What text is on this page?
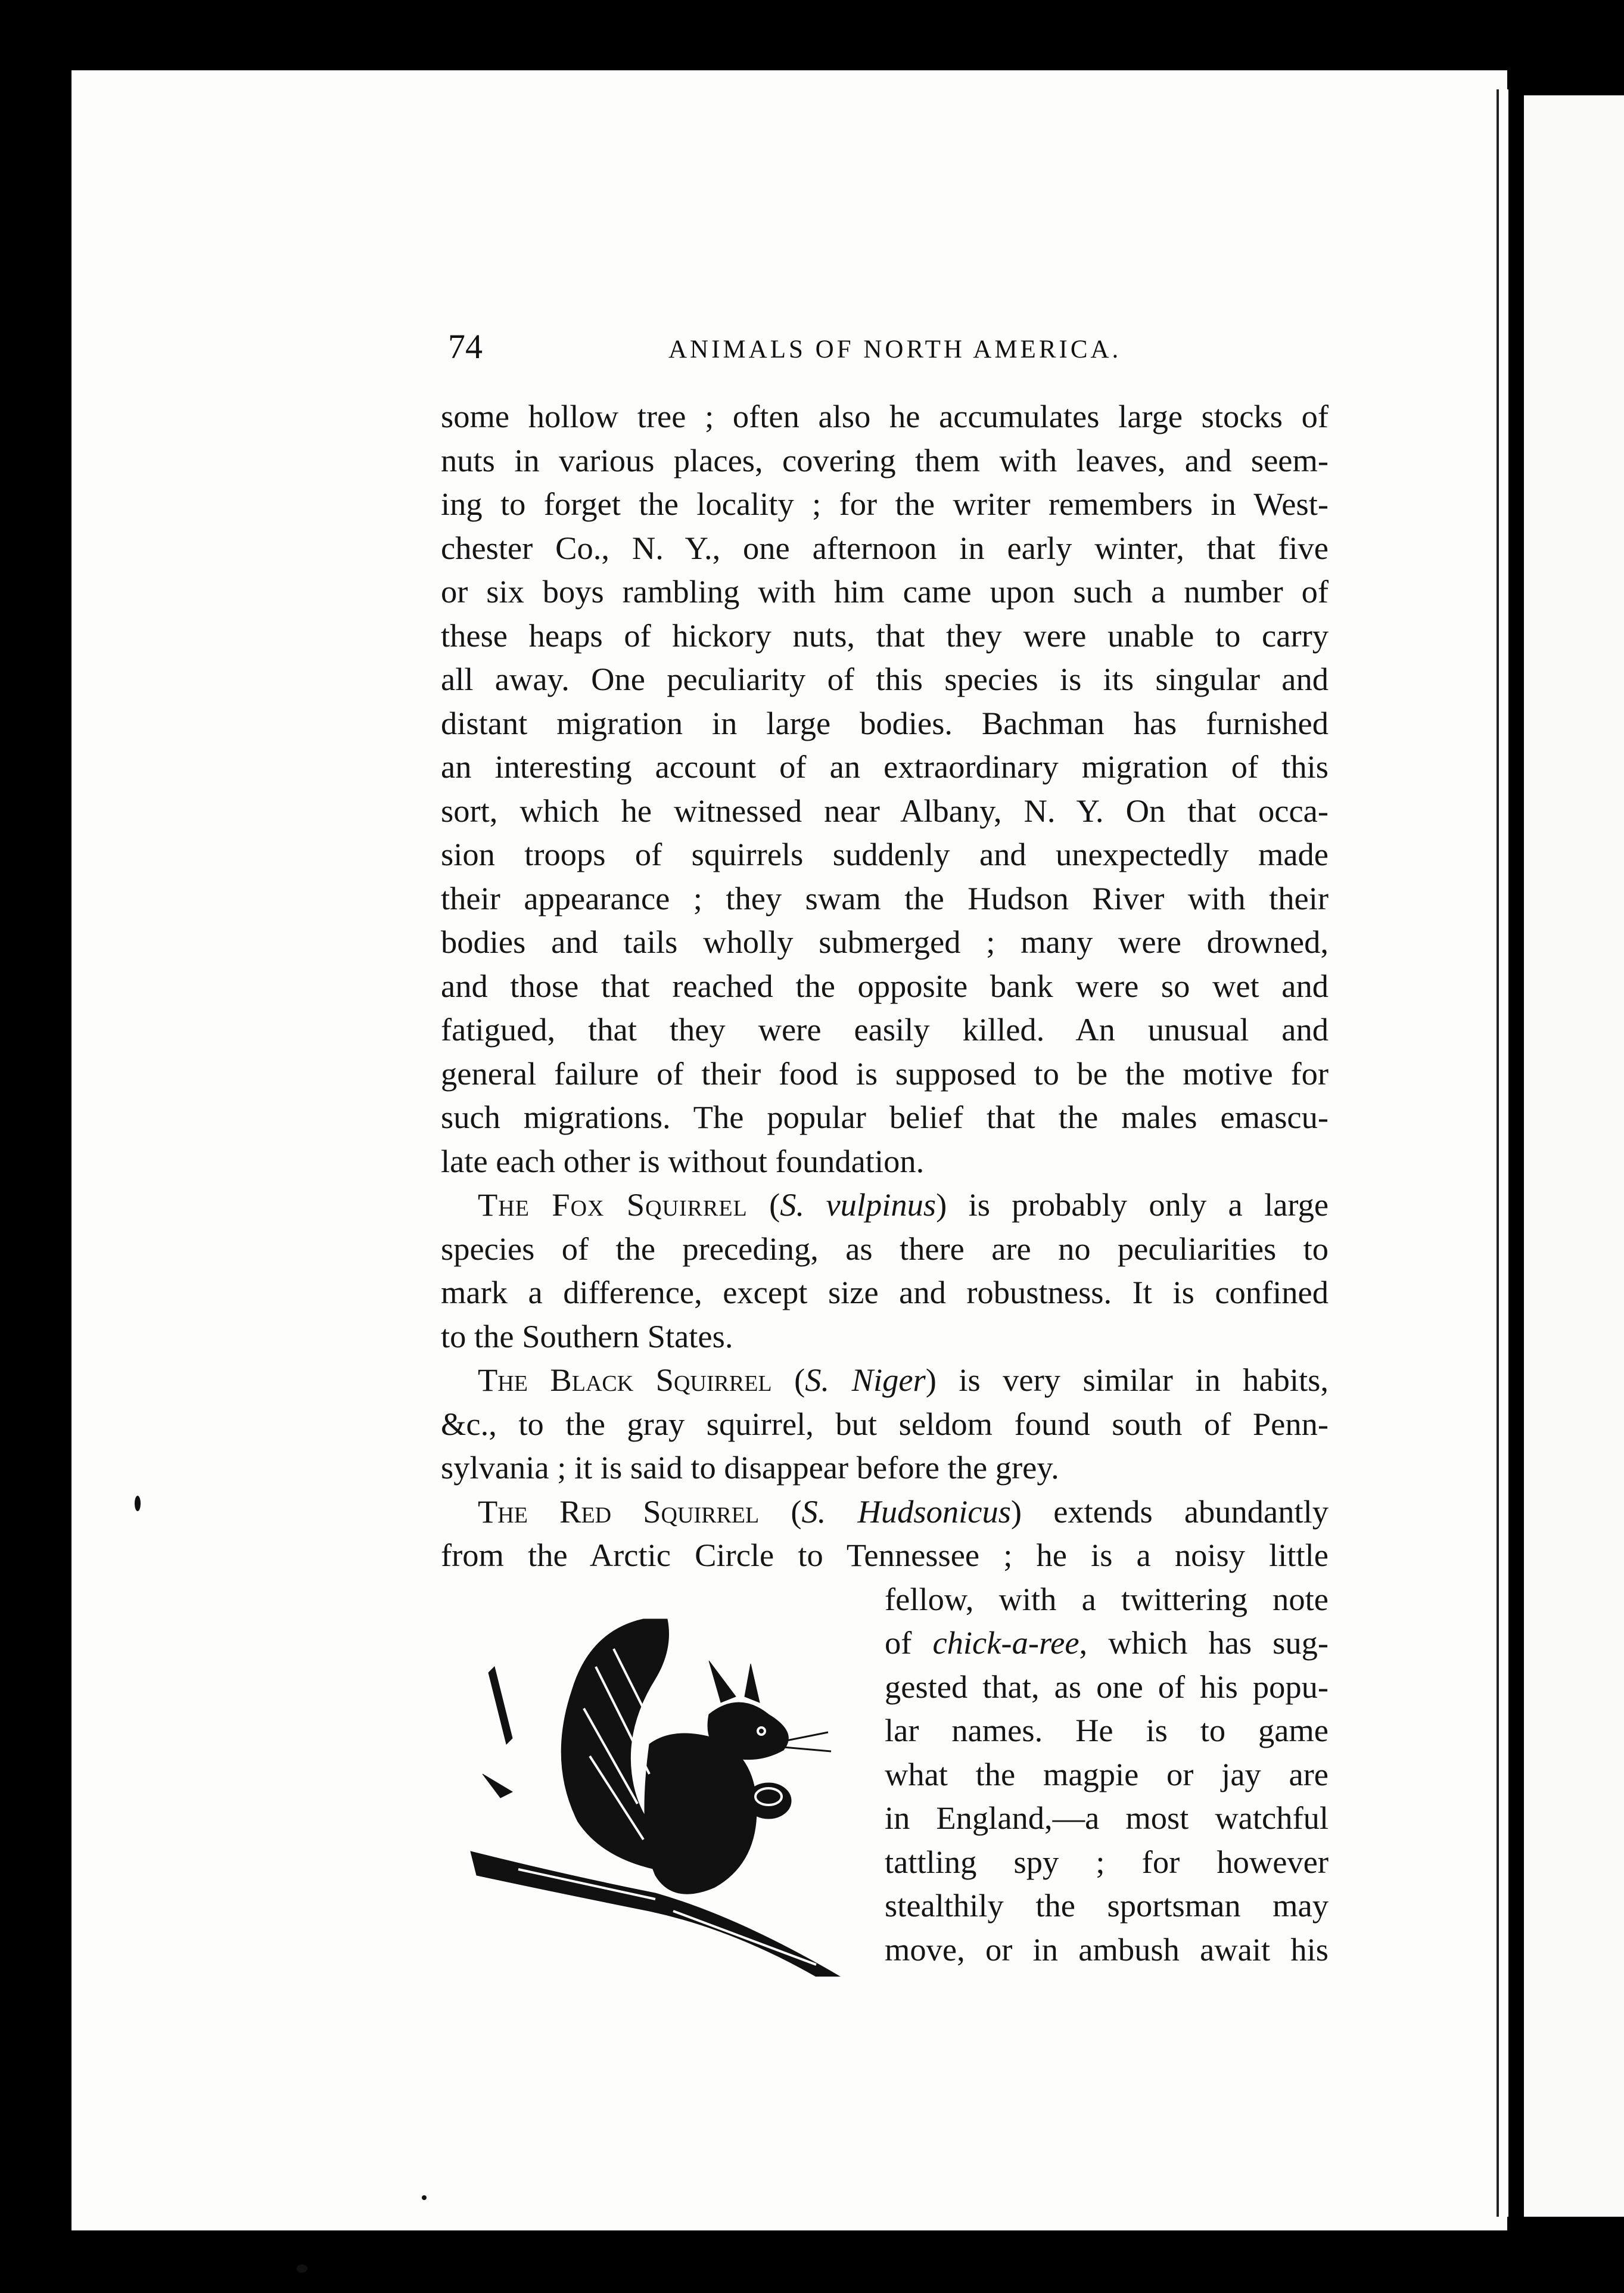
74	ANIMALS OF NORTH AMERICA.
some hollow tree ; often also he accumulates large stocks of
nuts in various places, covering them with leaves, and seem-
ing to forget the locality ; for the writer remembers in West-
chester Co., N. Y., one afternoon in early winter, that five
or six boys rambling with him came upon such a number of
these heaps of hickory nuts, that they were unable to carry
all away. One peculiarity of this species is its singular and
distant migration in large bodies. Bachman has furnished
an interesting account of an extraordinary migration of this
sort, which he witnessed near Albany, N. Y. On that occa-
sion troops of squirrels suddenly and unexpectedly made
their appearance ; they swam the Hudson River with their
bodies and tails wholly submerged ; many were drowned,
and those that reached the opposite bank were so wet and
fatigued, that they were easily killed. An unusual and
general failure of their food is supposed to be the motive for
such migrations. The popular belief that the males emascu-
late each other is without foundation.
The Fox Squirrel (S. vulpinus) is probably only a large
species of the preceding, as there are no peculiarities to
mark a difference, except size and robustness. It is confined
to the Southern States.
The Black Squirrel (S. Niger) is very similar in habits,
&c., to the gray squirrel, but seldom found south of Penn-
sylvania ; it is said to disappear before the grey.
The Red Squirrel (S. Hudsonicus) extends abundantly
from the Arctic Circle to Tennessee ; he is a noisy little
fellow, with a twittering note
of chick-a-ree, which has sug-
gested that, as one of his popu-
lar names. He is to game
what the magpie or jay are
in England,—a most watchful
tattling spy ; for however
stealthily the sportsman may
move, or in ambush await his
